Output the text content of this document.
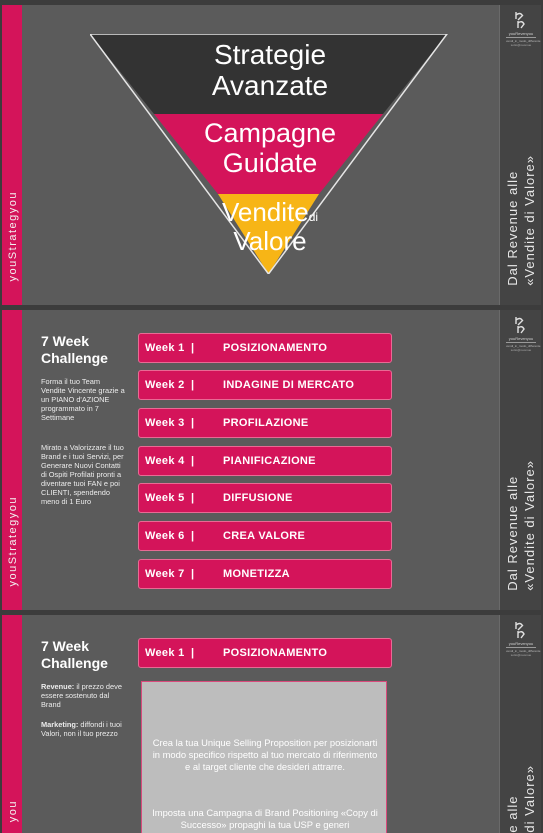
youStrategyou
Strategie
Avanzate
Campagne
Guidate
Venditedi
Valore
youRevenyou
vendi_in_modo_differente
sotto@revenue
Dal Revenue alle «Vendite di Valore»
youStrategyou
7 Week
Challenge
Forma il tuo Team Vendite Vincente grazie a un PIANO d'AZIONE programmato in 7 Settimane
Mirato a Valorizzare il tuo Brand e i tuoi Servizi, per Generare Nuovi Contatti di Ospiti Profilati pronti a diventare tuoi FAN e poi CLIENTI, spendendo meno di 1 Euro
Week 1 |	POSIZIONAMENTO
Week 2 |	INDAGINE DI MERCATO
Week 3 |	PROFILAZIONE
Week 4 |	PIANIFICAZIONE
Week 5 |	DIFFUSIONE
Week 6 |	CREA VALORE
Week 7 |	MONETIZZA
youRevenyou
vendi_in_modo_differente
sotto@revenue
Dal Revenue alle «Vendite di Valore»
you
7 Week
Challenge
Revenue: il prezzo deve essere sostenuto dal Brand
Marketing: diffondi i tuoi Valori, non il tuo prezzo
Week 1 |	POSIZIONAMENTO
Crea la tua Unique Selling Proposition per posizionarti in modo specifico rispetto al tuo mercato di riferimento e al target cliente che desideri attrarre.
Imposta una Campagna di Brand Positioning «Copy di Successo» propaghi la tua USP e generi
youRevenyou
vendi_in_modo_differente
sotto@revenue
e alle di Valore»
